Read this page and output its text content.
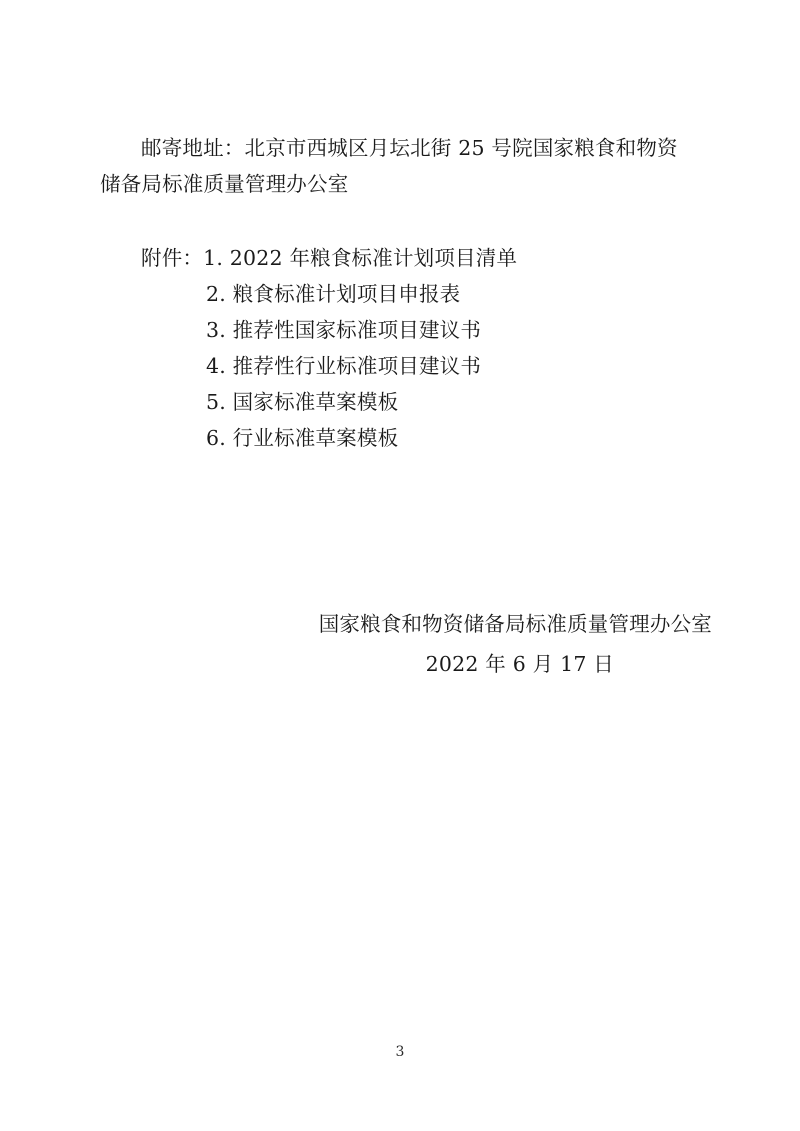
邮寄地址：北京市西城区月坛北街 25 号院国家粮食和物资
储备局标准质量管理办公室
附件：1. 2022 年粮食标准计划项目清单
2. 粮食标准计划项目申报表
3. 推荐性国家标准项目建议书
4. 推荐性行业标准项目建议书
5. 国家标准草案模板
6. 行业标准草案模板
国家粮食和物资储备局标准质量管理办公室
2022 年 6 月 17 日
3
